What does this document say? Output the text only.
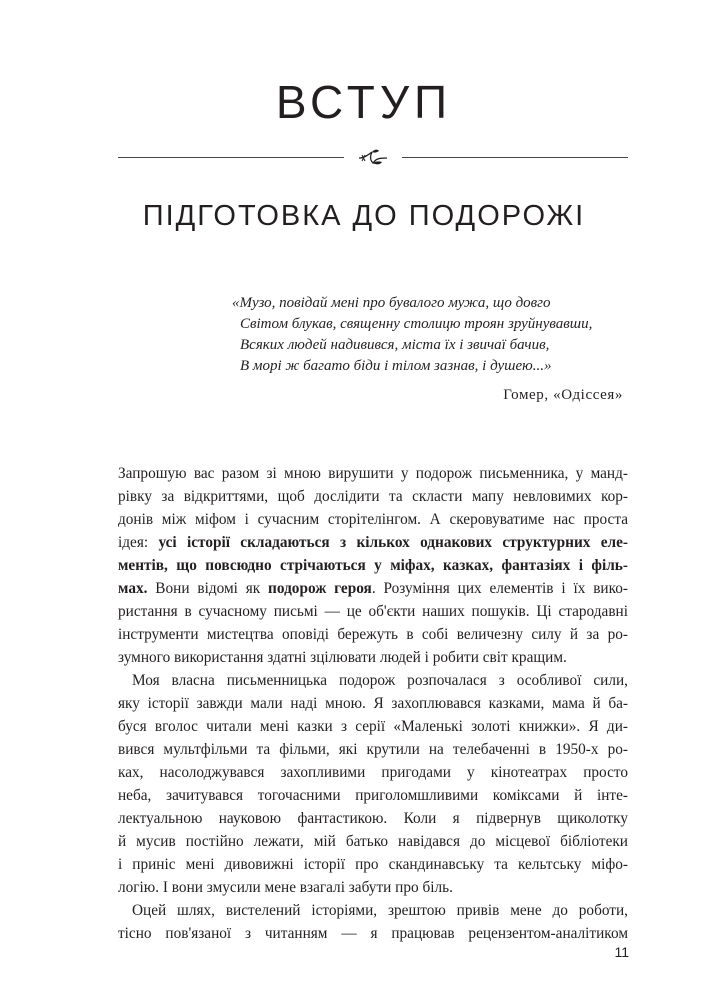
ВСТУП
ПІДГОТОВКА ДО ПОДОРОЖІ
«Музо, повідай мені про бувалого мужа, що довго
Світом блукав, священну столицю троян зруйнувавши,
Всяких людей надивився, міста їх і звичаї бачив,
В морі ж багато біди і тілом зазнав, і душею...»
Гомер, «Одіссея»

Запрошую вас разом зі мною вирушити у подорож письменника, у манд-
рівку за відкриттями, щоб дослідити та скласти мапу невловимих кор-
донів між міфом і сучасним сторітелінгом. А скеровуватиме нас проста
ідея: усі історії складаються з кількох однакових структурних еле-
ментів, що повсюдно стрічаються у міфах, казках, фантазіях і філь-
мах. Вони відомі як подорож героя. Розуміння цих елементів і їх вико-
ристання в сучасному письмі — це об'єкти наших пошуків. Ці стародавні
інструменти мистецтва оповіді бережуть в собі величезну силу й за ро-
зумного використання здатні зцілювати людей і робити світ кращим.

Моя власна письменницька подорож розпочалася з особливої сили,
яку історії завжди мали наді мною. Я захоплювався казками, мама й ба-
буся вголос читали мені казки з серії «Маленькі золоті книжки». Я ди-
вився мультфільми та фільми, які крутили на телебаченні в 1950-х ро-
ках, насолоджувався захопливими пригодами у кінотеатрах просто
неба, зачитувався тогочасними приголомшливими коміксами й інте-
лектуальною науковою фантастикою. Коли я підвернув щиколотку
й мусив постійно лежати, мій батько навідався до місцевої бібліотеки
і приніс мені дивовижні історії про скандинавську та кельтську міфо-
логію. І вони змусили мене взагалі забути про біль.

Оцей шлях, вистелений історіями, зрештою привів мене до роботи,
тісно пов'язаної з читанням — я працював рецензентом-аналітиком

11
